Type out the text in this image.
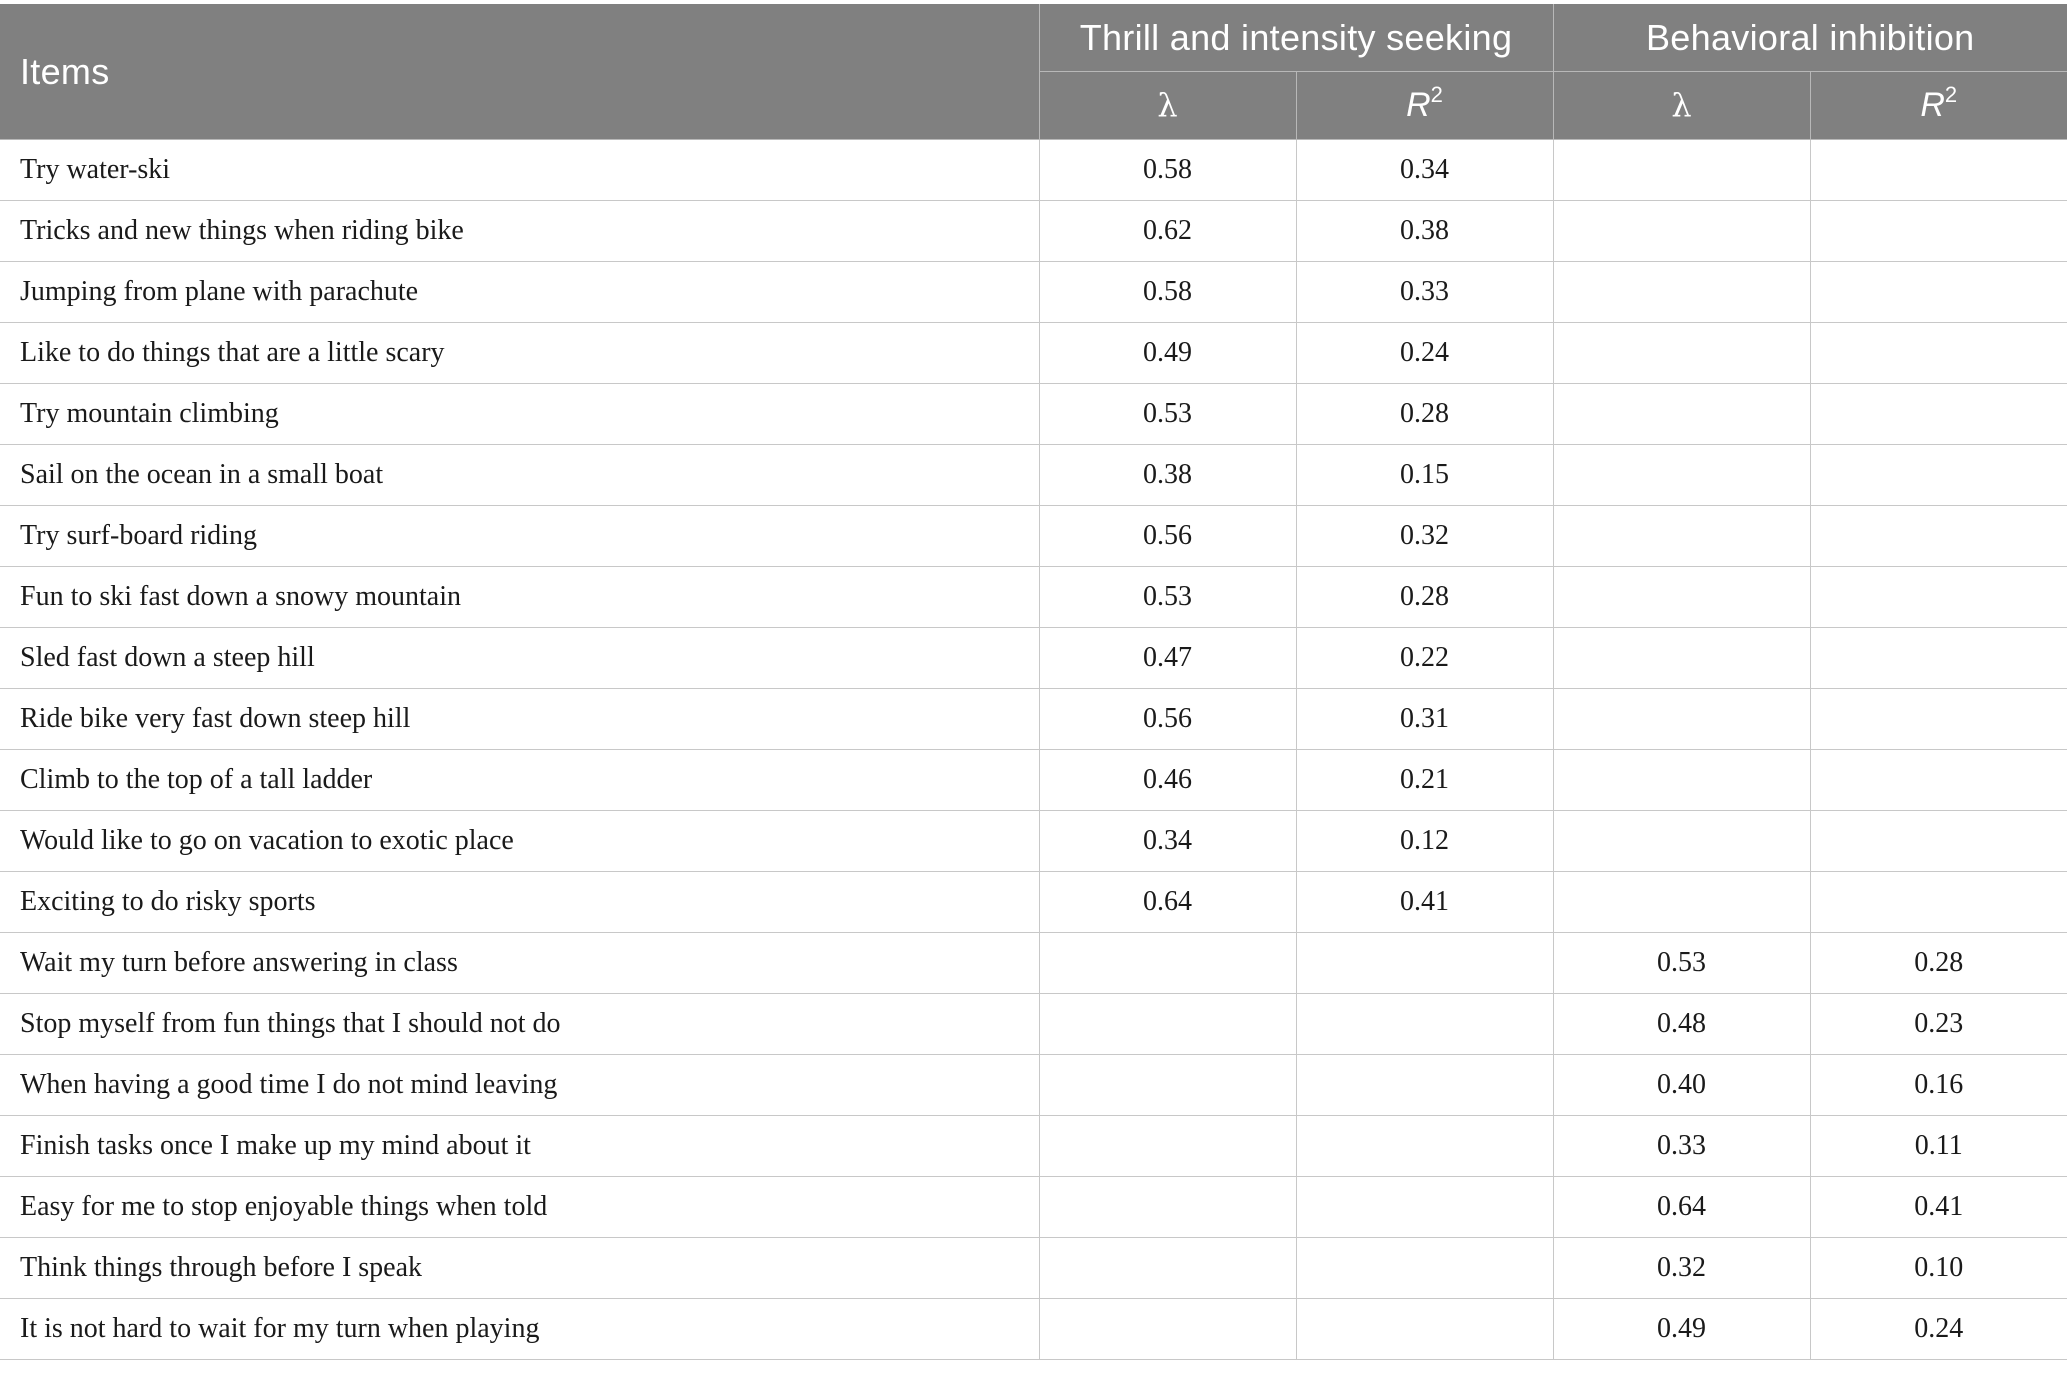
Items	Thrill and intensity seeking		Behavioral inhibition	
	λ	$R^2$	λ	$R^2$
Try water-ski	0.58	0.34		
Tricks and new things when riding bike	0.62	0.38		
Jumping from plane with parachute	0.58	0.33		
Like to do things that are a little scary	0.49	0.24		
Try mountain climbing	0.53	0.28		
Sail on the ocean in a small boat	0.38	0.15		
Try surf-board riding	0.56	0.32		
Fun to ski fast down a snowy mountain	0.53	0.28		
Sled fast down a steep hill	0.47	0.22		
Ride bike very fast down steep hill	0.56	0.31		
Climb to the top of a tall ladder	0.46	0.21		
Would like to go on vacation to exotic place	0.34	0.12		
Exciting to do risky sports	0.64	0.41		
Wait my turn before answering in class			0.53	0.28
Stop myself from fun things that I should not do			0.48	0.23
When having a good time I do not mind leaving			0.40	0.16
Finish tasks once I make up my mind about it			0.33	0.11
Easy for me to stop enjoyable things when told			0.64	0.41
Think things through before I speak			0.32	0.10
It is not hard to wait for my turn when playing			0.49	0.24
